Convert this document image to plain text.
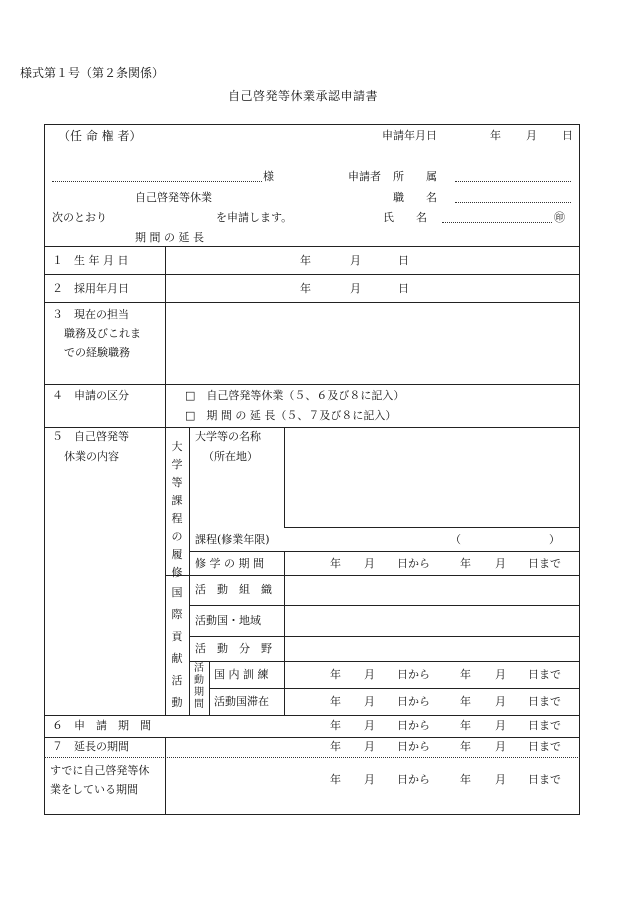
様式第１号（第２条関係）
自己啓発等休業承認申請書
（任 命 権 者）	申請年月日	年 月 日
様	申請者 所　　属
自己啓発等休業	職　　名
次のとおり	を申請します。	氏　　名	㊞
期 間 の 延 長
１　生 年 月 日	年	月	日
２　採用年月日	年	月	日
３　現在の担当
職務及びこれま
での経験職務
４　申請の区分	□　自己啓発等休業（５、６及び８に記入）
□　期 間 の 延 長（５、７及び８に記入）
５　自己啓発等
休業の内容
大学等課程の履修
大学等の名称
（所在地）
課程(修業年限)	（	）
修 学 の 期 間	年 月 日から	年 月 日まで
国際貢献活動
活　動　組　織
活動国・地域
活　動　分　野
活動期間
国 内 訓 練	年 月 日から	年 月 日まで
活動国滞在	年 月 日から	年 月 日まで
６　申　請　期　間	年 月 日から	年 月 日まで
７　延長の期間	年 月 日から	年 月 日まで
すでに自己啓発等休
業をしている期間
年 月 日から	年 月 日まで
